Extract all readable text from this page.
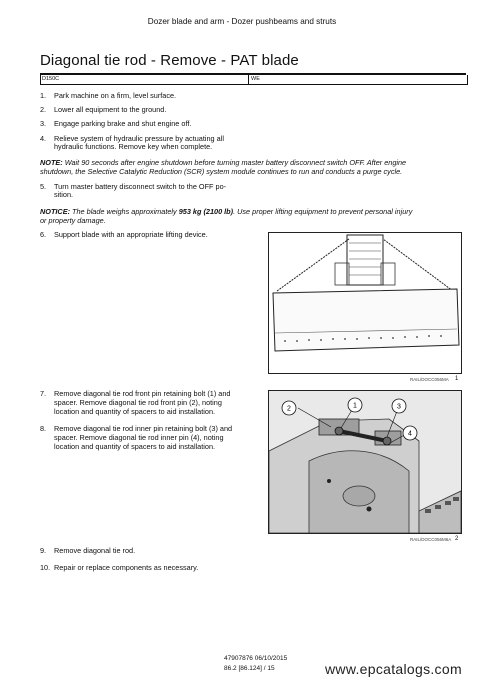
Dozer blade and arm - Dozer pushbeams and struts
Diagonal tie rod - Remove - PAT blade
D150C	WE
1. Park machine on a firm, level surface.
2. Lower all equipment to the ground.
3. Engage parking brake and shut engine off.
4. Relieve system of hydraulic pressure by actuating all
hydraulic functions. Remove key when complete.
NOTE: Wait 90 seconds after engine shutdown before turning master battery disconnect switch OFF. After engine
shutdown, the Selective Catalytic Reduction (SCR) system module continues to run and conducts a purge cycle.
5. Turn master battery disconnect switch to the OFF po-
sition.
NOTICE: The blade weighs approximately 953 kg (2100 lb). Use proper lifting equipment to prevent personal injury
or property damage.
6. Support blade with an appropriate lifting device.
RAIL/DOCC056MA 1
7. Remove diagonal tie rod front pin retaining bolt (1) and
spacer. Remove diagonal tie rod front pin (2), noting
location and quantity of spacers to aid installation.
8. Remove diagonal tie rod inner pin retaining bolt (3) and
spacer. Remove diagonal tie rod inner pin (4), noting
location and quantity of spacers to aid installation.
1
2	3
4
RAIL/DOCC056M6A 2
9. Remove diagonal tie rod.
10. Repair or replace components as necessary.
47907876 06/10/2015
86.2 [86.124] / 15	www.epcatalogs.com
